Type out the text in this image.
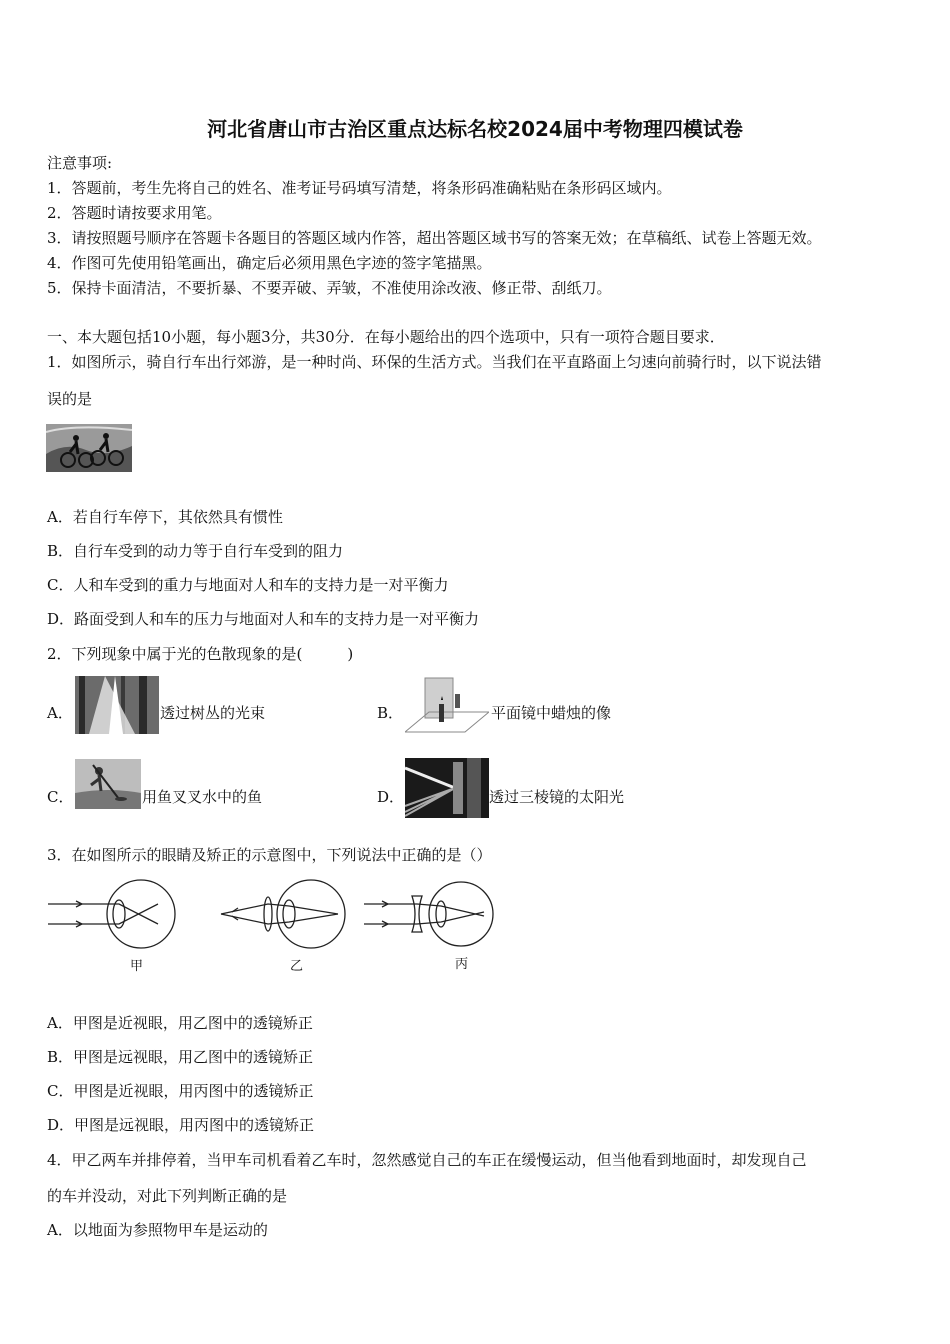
河北省唐山市古治区重点达标名校2024届中考物理四模试卷
注意事项:
1．答题前，考生先将自己的姓名、准考证号码填写清楚，将条形码准确粘贴在条形码区域内。
2．答题时请按要求用笔。
3．请按照题号顺序在答题卡各题目的答题区域内作答，超出答题区域书写的答案无效；在草稿纸、试卷上答题无效。
4．作图可先使用铅笔画出，确定后必须用黑色字迹的签字笔描黑。
5．保持卡面清洁，不要折暴、不要弄破、弄皱，不准使用涂改液、修正带、刮纸刀。
一、本大题包括10小题，每小题3分，共30分．在每小题给出的四个选项中，只有一项符合题目要求．
1．如图所示，骑自行车出行郊游，是一种时尚、环保的生活方式。当我们在平直路面上匀速向前骑行时，以下说法错
误的是
A．若自行车停下，其依然具有惯性
B．自行车受到的动力等于自行车受到的阻力
C．人和车受到的重力与地面对人和车的支持力是一对平衡力
D．路面受到人和车的压力与地面对人和车的支持力是一对平衡力
2．下列现象中属于光的色散现象的是(　　　)
A．	透过树丛的光束	B．	平面镜中蜡烛的像
C．	用鱼叉叉水中的鱼	D．	透过三棱镜的太阳光
3．在如图所示的眼睛及矫正的示意图中，下列说法中正确的是（）
甲	乙	丙
A．甲图是近视眼，用乙图中的透镜矫正
B．甲图是远视眼，用乙图中的透镜矫正
C．甲图是近视眼，用丙图中的透镜矫正
D．甲图是远视眼，用丙图中的透镜矫正
4．甲乙两车并排停着，当甲车司机看着乙车时，忽然感觉自己的车正在缓慢运动，但当他看到地面时，却发现自己
的车并没动，对此下列判断正确的是
A．以地面为参照物甲车是运动的
